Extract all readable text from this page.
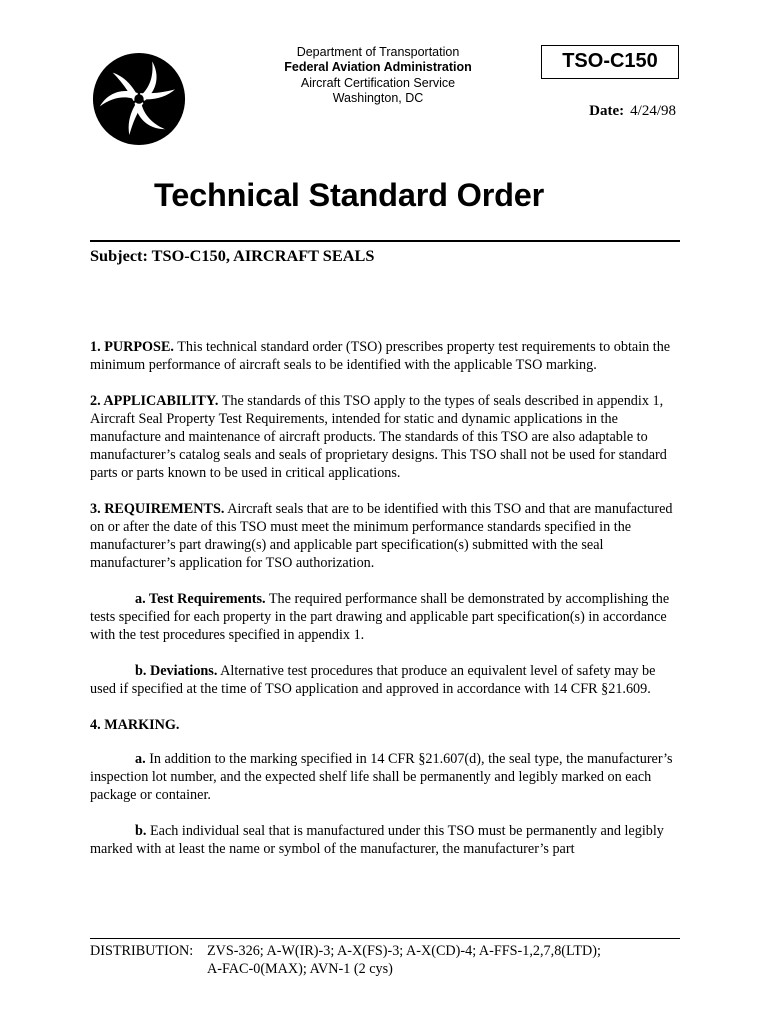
Department of Transportation
Federal Aviation Administration
Aircraft Certification Service
Washington, DC
TSO-C150
Date: 4/24/98
Technical Standard Order
Subject: TSO-C150, AIRCRAFT SEALS

1. PURPOSE. This technical standard order (TSO) prescribes property test requirements to obtain the minimum performance of aircraft seals to be identified with the applicable TSO marking.

2. APPLICABILITY. The standards of this TSO apply to the types of seals described in appendix 1, Aircraft Seal Property Test Requirements, intended for static and dynamic applications in the manufacture and maintenance of aircraft products. The standards of this TSO are also adaptable to manufacturer’s catalog seals and seals of proprietary designs. This TSO shall not be used for standard parts or parts known to be used in critical applications.

3. REQUIREMENTS. Aircraft seals that are to be identified with this TSO and that are manufactured on or after the date of this TSO must meet the minimum performance standards specified in the manufacturer’s part drawing(s) and applicable part specification(s) submitted with the seal manufacturer’s application for TSO authorization.

a. Test Requirements. The required performance shall be demonstrated by accomplishing the tests specified for each property in the part drawing and applicable part specification(s) in accordance with the test procedures specified in appendix 1.

b. Deviations. Alternative test procedures that produce an equivalent level of safety may be used if specified at the time of TSO application and approved in accordance with 14 CFR §21.609.

4. MARKING.

a. In addition to the marking specified in 14 CFR §21.607(d), the seal type, the manufacturer’s inspection lot number, and the expected shelf life shall be permanently and legibly marked on each package or container.

b. Each individual seal that is manufactured under this TSO must be permanently and legibly marked with at least the name or symbol of the manufacturer, the manufacturer’s part

DISTRIBUTION: ZVS-326; A-W(IR)-3; A-X(FS)-3; A-X(CD)-4; A-FFS-1,2,7,8(LTD);
A-FAC-0(MAX); AVN-1 (2 cys)
